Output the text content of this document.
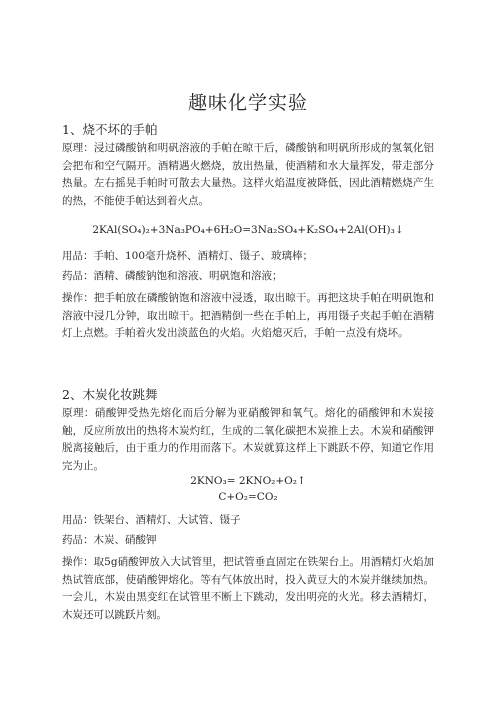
趣味化学实验
1、烧不坏的手帕

原理：浸过磷酸钠和明矾溶液的手帕在晾干后，磷酸钠和明矾所形成的氢氧化铝会把布和空气隔开。酒精遇火燃烧，放出热量，使酒精和水大量挥发，带走部分热量。左右摇晃手帕时可散去大量热。这样火焰温度被降低，因此酒精燃烧产生的热，不能使手帕达到着火点。

2KAl(SO₄)₂+3Na₃PO₄+6H₂O=3Na₂SO₄+K₂SO₄+2Al(OH)₃↓

用品：手帕、100毫升烧杯、酒精灯、镊子、玻璃棒；

药品：酒精、磷酸钠饱和溶液、明矾饱和溶液；

操作：把手帕放在磷酸钠饱和溶液中浸透，取出晾干。再把这块手帕在明矾饱和溶液中浸几分钟，取出晾干。把酒精倒一些在手帕上，再用镊子夹起手帕在酒精灯上点燃。手帕着火发出淡蓝色的火焰。火焰熄灭后，手帕一点没有烧坏。

2、木炭化妆跳舞

原理：硝酸钾受热先熔化而后分解为亚硝酸钾和氧气。熔化的硝酸钾和木炭接触，反应所放出的热将木炭灼红，生成的二氧化碳把木炭推上去。木炭和硝酸钾脱离接触后，由于重力的作用而落下。木炭就算这样上下跳跃不停，知道它作用完为止。

2KNO₃= 2KNO₂+O₂↑
C+O₂=CO₂

用品：铁架台、酒精灯、大试管、镊子

药品：木炭、硝酸钾

操作：取5g硝酸钾放入大试管里，把试管垂直固定在铁架台上。用酒精灯火焰加热试管底部，使硝酸钾熔化。等有气体放出时，投入黄豆大的木炭并继续加热。一会儿，木炭由黑变红在试管里不断上下跳动，发出明亮的火光。移去酒精灯，木炭还可以跳跃片刻。
